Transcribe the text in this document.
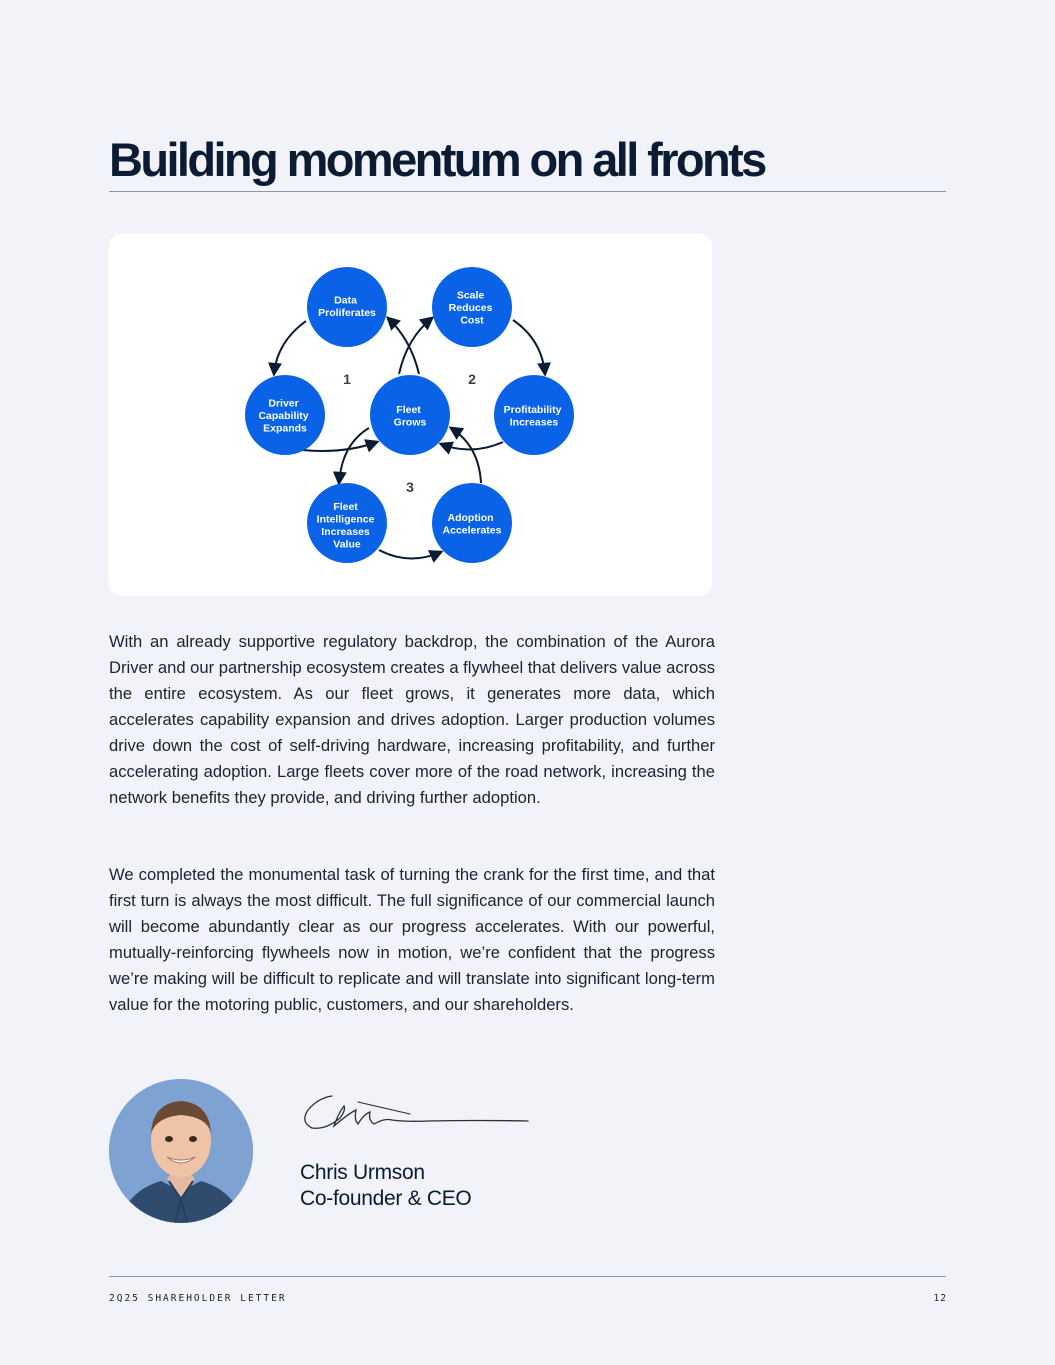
Building momentum on all fronts
Data Proliferates
Scale Reduces Cost
Driver Capability Expands
Fleet Grows
Profitability Increases
Fleet Intelligence Increases Value
Adoption Accelerates
1	2
3

With an already supportive regulatory backdrop, the combination of the Aurora Driver and our partnership ecosystem creates a flywheel that delivers value across the entire ecosystem. As our fleet grows, it generates more data, which accelerates capability expansion and drives adoption. Larger production volumes drive down the cost of self-driving hardware, increasing profitability, and further accelerating adoption. Large fleets cover more of the road network, increasing the network benefits they provide, and driving further adoption.

We completed the monumental task of turning the crank for the first time, and that first turn is always the most difficult. The full significance of our commercial launch will become abundantly clear as our progress accelerates. With our powerful, mutually-reinforcing flywheels now in motion, we’re confident that the progress we’re making will be difficult to replicate and will translate into significant long-term value for the motoring public, customers, and our shareholders.

Chris Urmson

Co-founder & CEO

2Q25 SHAREHOLDER LETTER	12
